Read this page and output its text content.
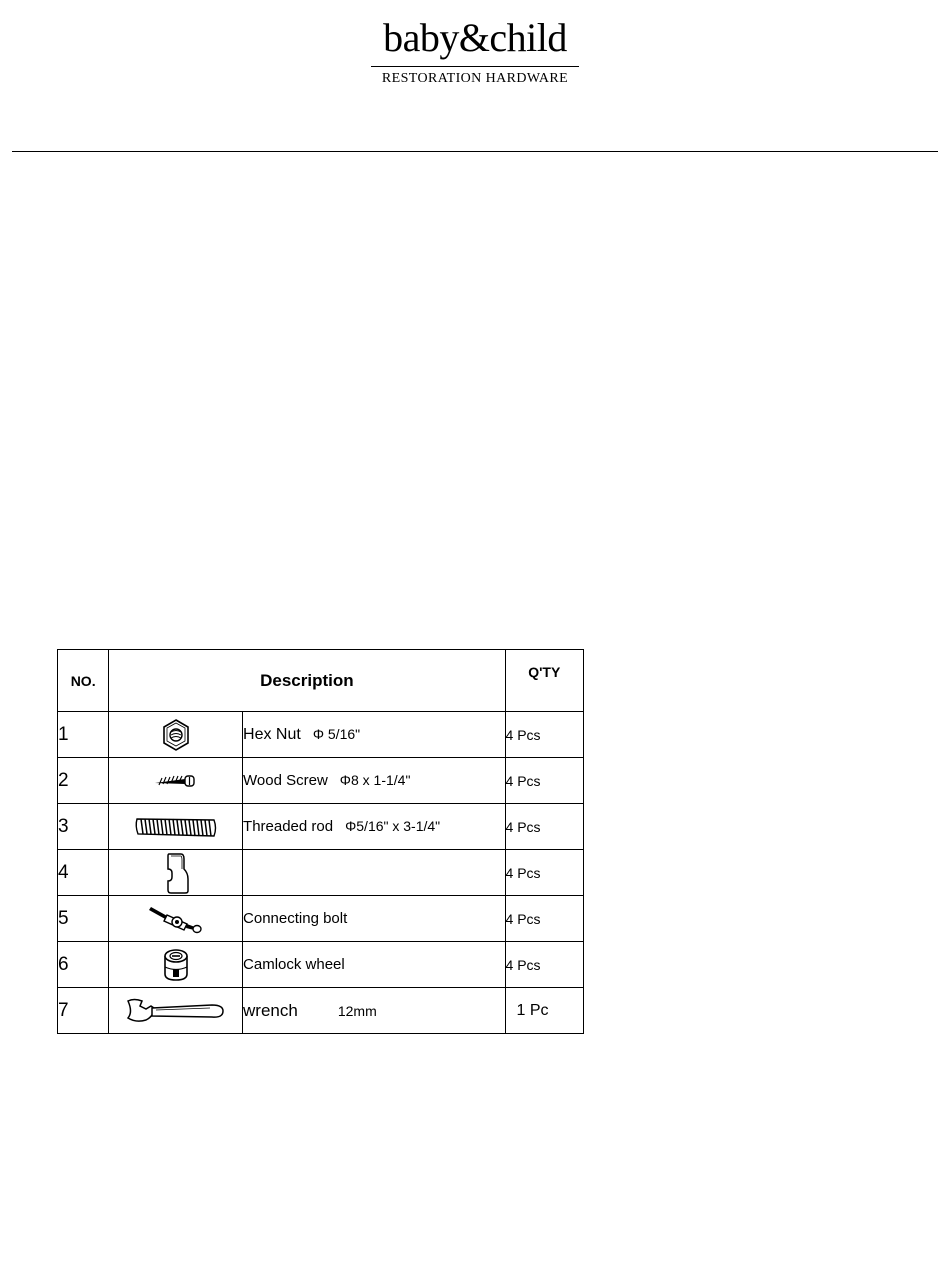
baby&child
RESTORATION HARDWARE
NO.	Description		Q'TY
1		Hex Nut Φ 5/16"	4 Pcs
2		Wood Screw Φ8 x 1-1/4"	4 Pcs
3		Threaded rod Φ5/16" x 3-1/4"	4 Pcs
4			4 Pcs
5		Connecting bolt	4 Pcs
6		Camlock wheel	4 Pcs
7		wrench 12mm	1 Pc
